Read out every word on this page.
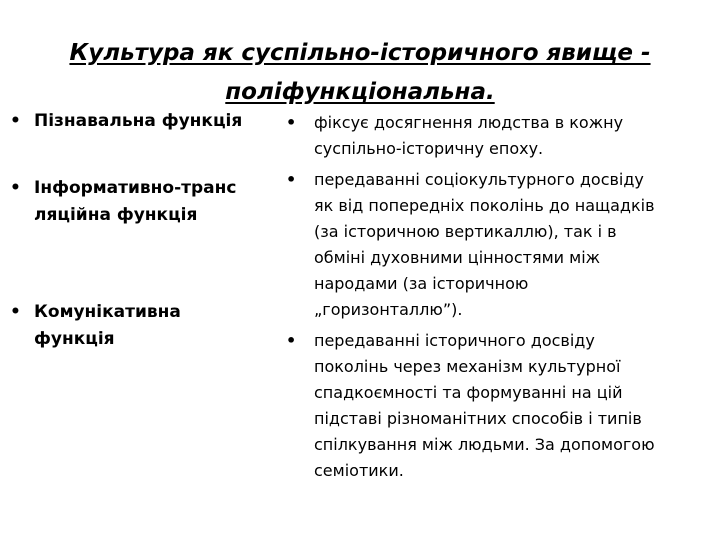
Культура як суспільно-історичного явище -
поліфункціональна.
• Пізнавальна функція
• Інформативно-транс
ляційна функція
• Комунікативна
функція
• фіксує досягнення людства в кожну
суспільно-історичну епоху.
• передаванні соціокультурного досвіду
як від попередніх поколінь до нащадків
(за історичною вертикаллю), так і в
обміні духовними цінностями між
народами (за історичною
„горизонталлю”).
• передаванні історичного досвіду
поколінь через механізм культурної
спадкоємності та формуванні на цій
підставі різноманітних способів і типів
спілкування між людьми. За допомогою
семіотики.
